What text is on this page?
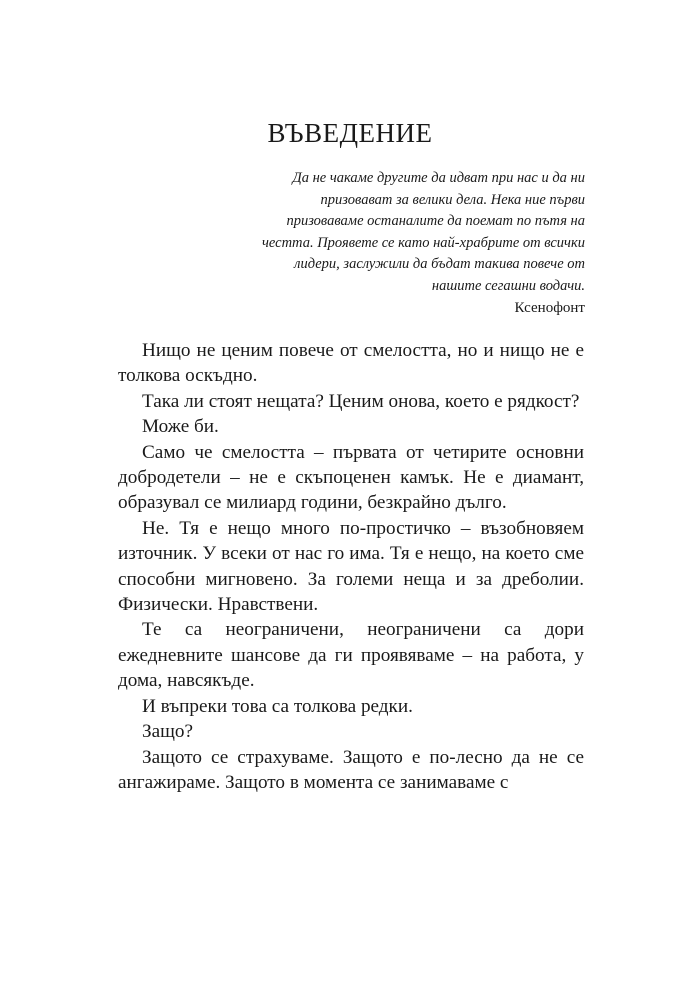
ВЪВЕДЕНИЕ

Да не чакаме другите да идват при нас и да ни

призовават за велики дела. Нека ние първи

призоваваме останалите да поемат по пътя на

честта. Проявете се като най-храбрите от всички

лидери, заслужили да бъдат такива повече от

нашите сегашни водачи.

Ксенофонт

Нищо не ценим повече от смелостта, но и нищо не е толкова оскъдно.

Така ли стоят нещата? Ценим онова, което е рядкост?

Може би.

Само че смелостта – първата от четирите основни добродетели – не е скъпоценен камък. Не е диамант, образувал се милиард години, безкрайно дълго.

Не. Тя е нещо много по-простичко – възобновяем източник. У всеки от нас го има. Тя е нещо, на което сме способни мигновено. За големи неща и за дреболии. Физически. Нравствени.

Те са неограничени, неограничени са дори ежедневните шансове да ги проявяваме – на работа, у дома, навсякъде.

И въпреки това са толкова редки.

Защо?

Защото се страхуваме. Защото е по-лесно да не се ангажираме. Защото в момента се занимаваме с
